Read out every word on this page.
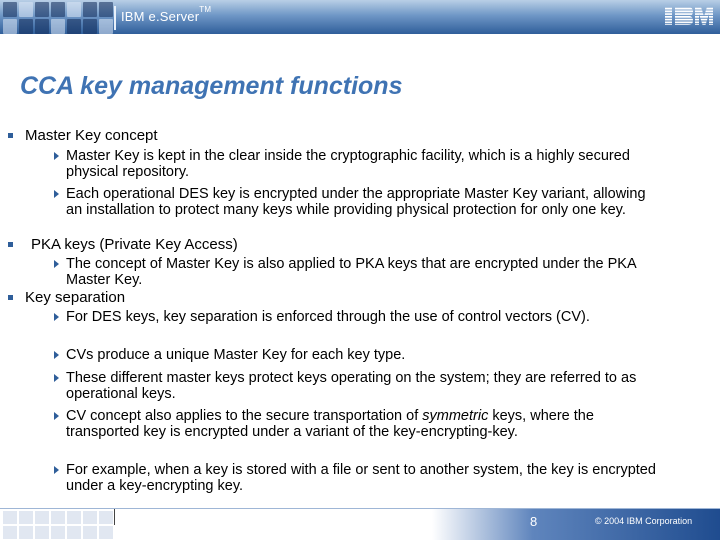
IBM e.Server™
CCA key management functions
Master Key concept
Master Key is kept in the clear inside the cryptographic facility, which is a highly secured physical repository.
Each operational DES key is encrypted under the appropriate Master Key variant, allowing an installation to protect many keys while providing physical protection for only one key.
PKA keys (Private Key Access)
The concept of Master Key is also applied to PKA keys that are encrypted under the PKA Master Key.
Key separation
For DES keys, key separation is enforced through the use of control vectors (CV).
CVs produce a unique Master Key for each key type.
These different master keys protect keys operating on the system; they are referred to as operational keys.
CV concept also applies to the secure transportation of symmetric keys, where the transported key is encrypted under a variant of the key-encrypting-key.
For example, when a key is stored with a file or sent to another system, the key is encrypted under a key-encrypting key.
8	© 2004 IBM Corporation
